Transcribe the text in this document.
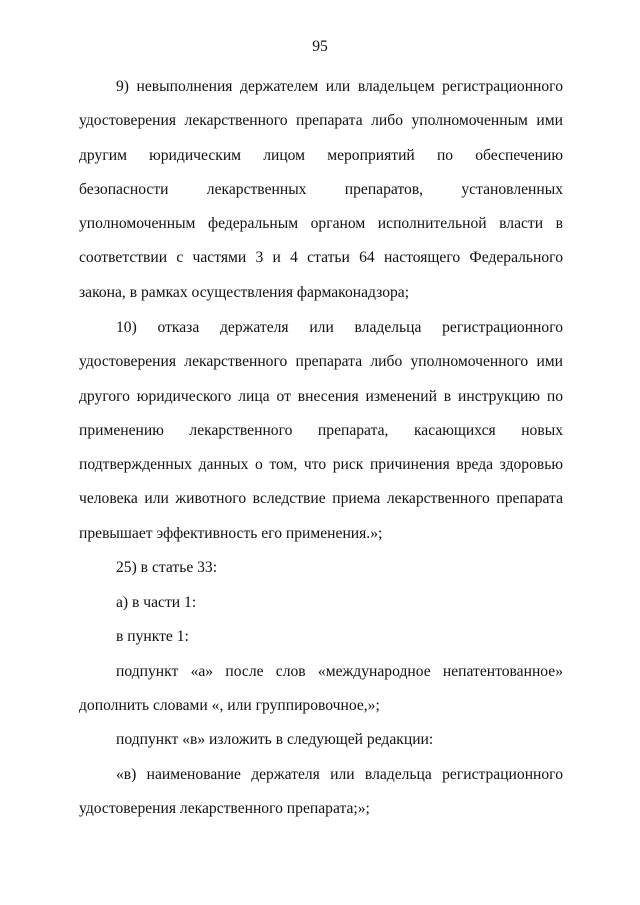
95

9) невыполнения держателем или владельцем регистрационного удостоверения лекарственного препарата либо уполномоченным ими другим юридическим лицом мероприятий по обеспечению безопасности лекарственных препаратов, установленных уполномоченным федеральным органом исполнительной власти в соответствии с частями 3 и 4 статьи 64 настоящего Федерального закона, в рамках осуществления фармаконадзора;

10) отказа держателя или владельца регистрационного удостоверения лекарственного препарата либо уполномоченного ими другого юридического лица от внесения изменений в инструкцию по применению лекарственного препарата, касающихся новых подтвержденных данных о том, что риск причинения вреда здоровью человека или животного вследствие приема лекарственного препарата превышает эффективность его применения.»;

25) в статье 33:

а) в части 1:

в пункте 1:

подпункт «а» после слов «международное непатентованное» дополнить словами «, или группировочное,»;

подпункт «в» изложить в следующей редакции:

«в) наименование держателя или владельца регистрационного удостоверения лекарственного препарата;»;
